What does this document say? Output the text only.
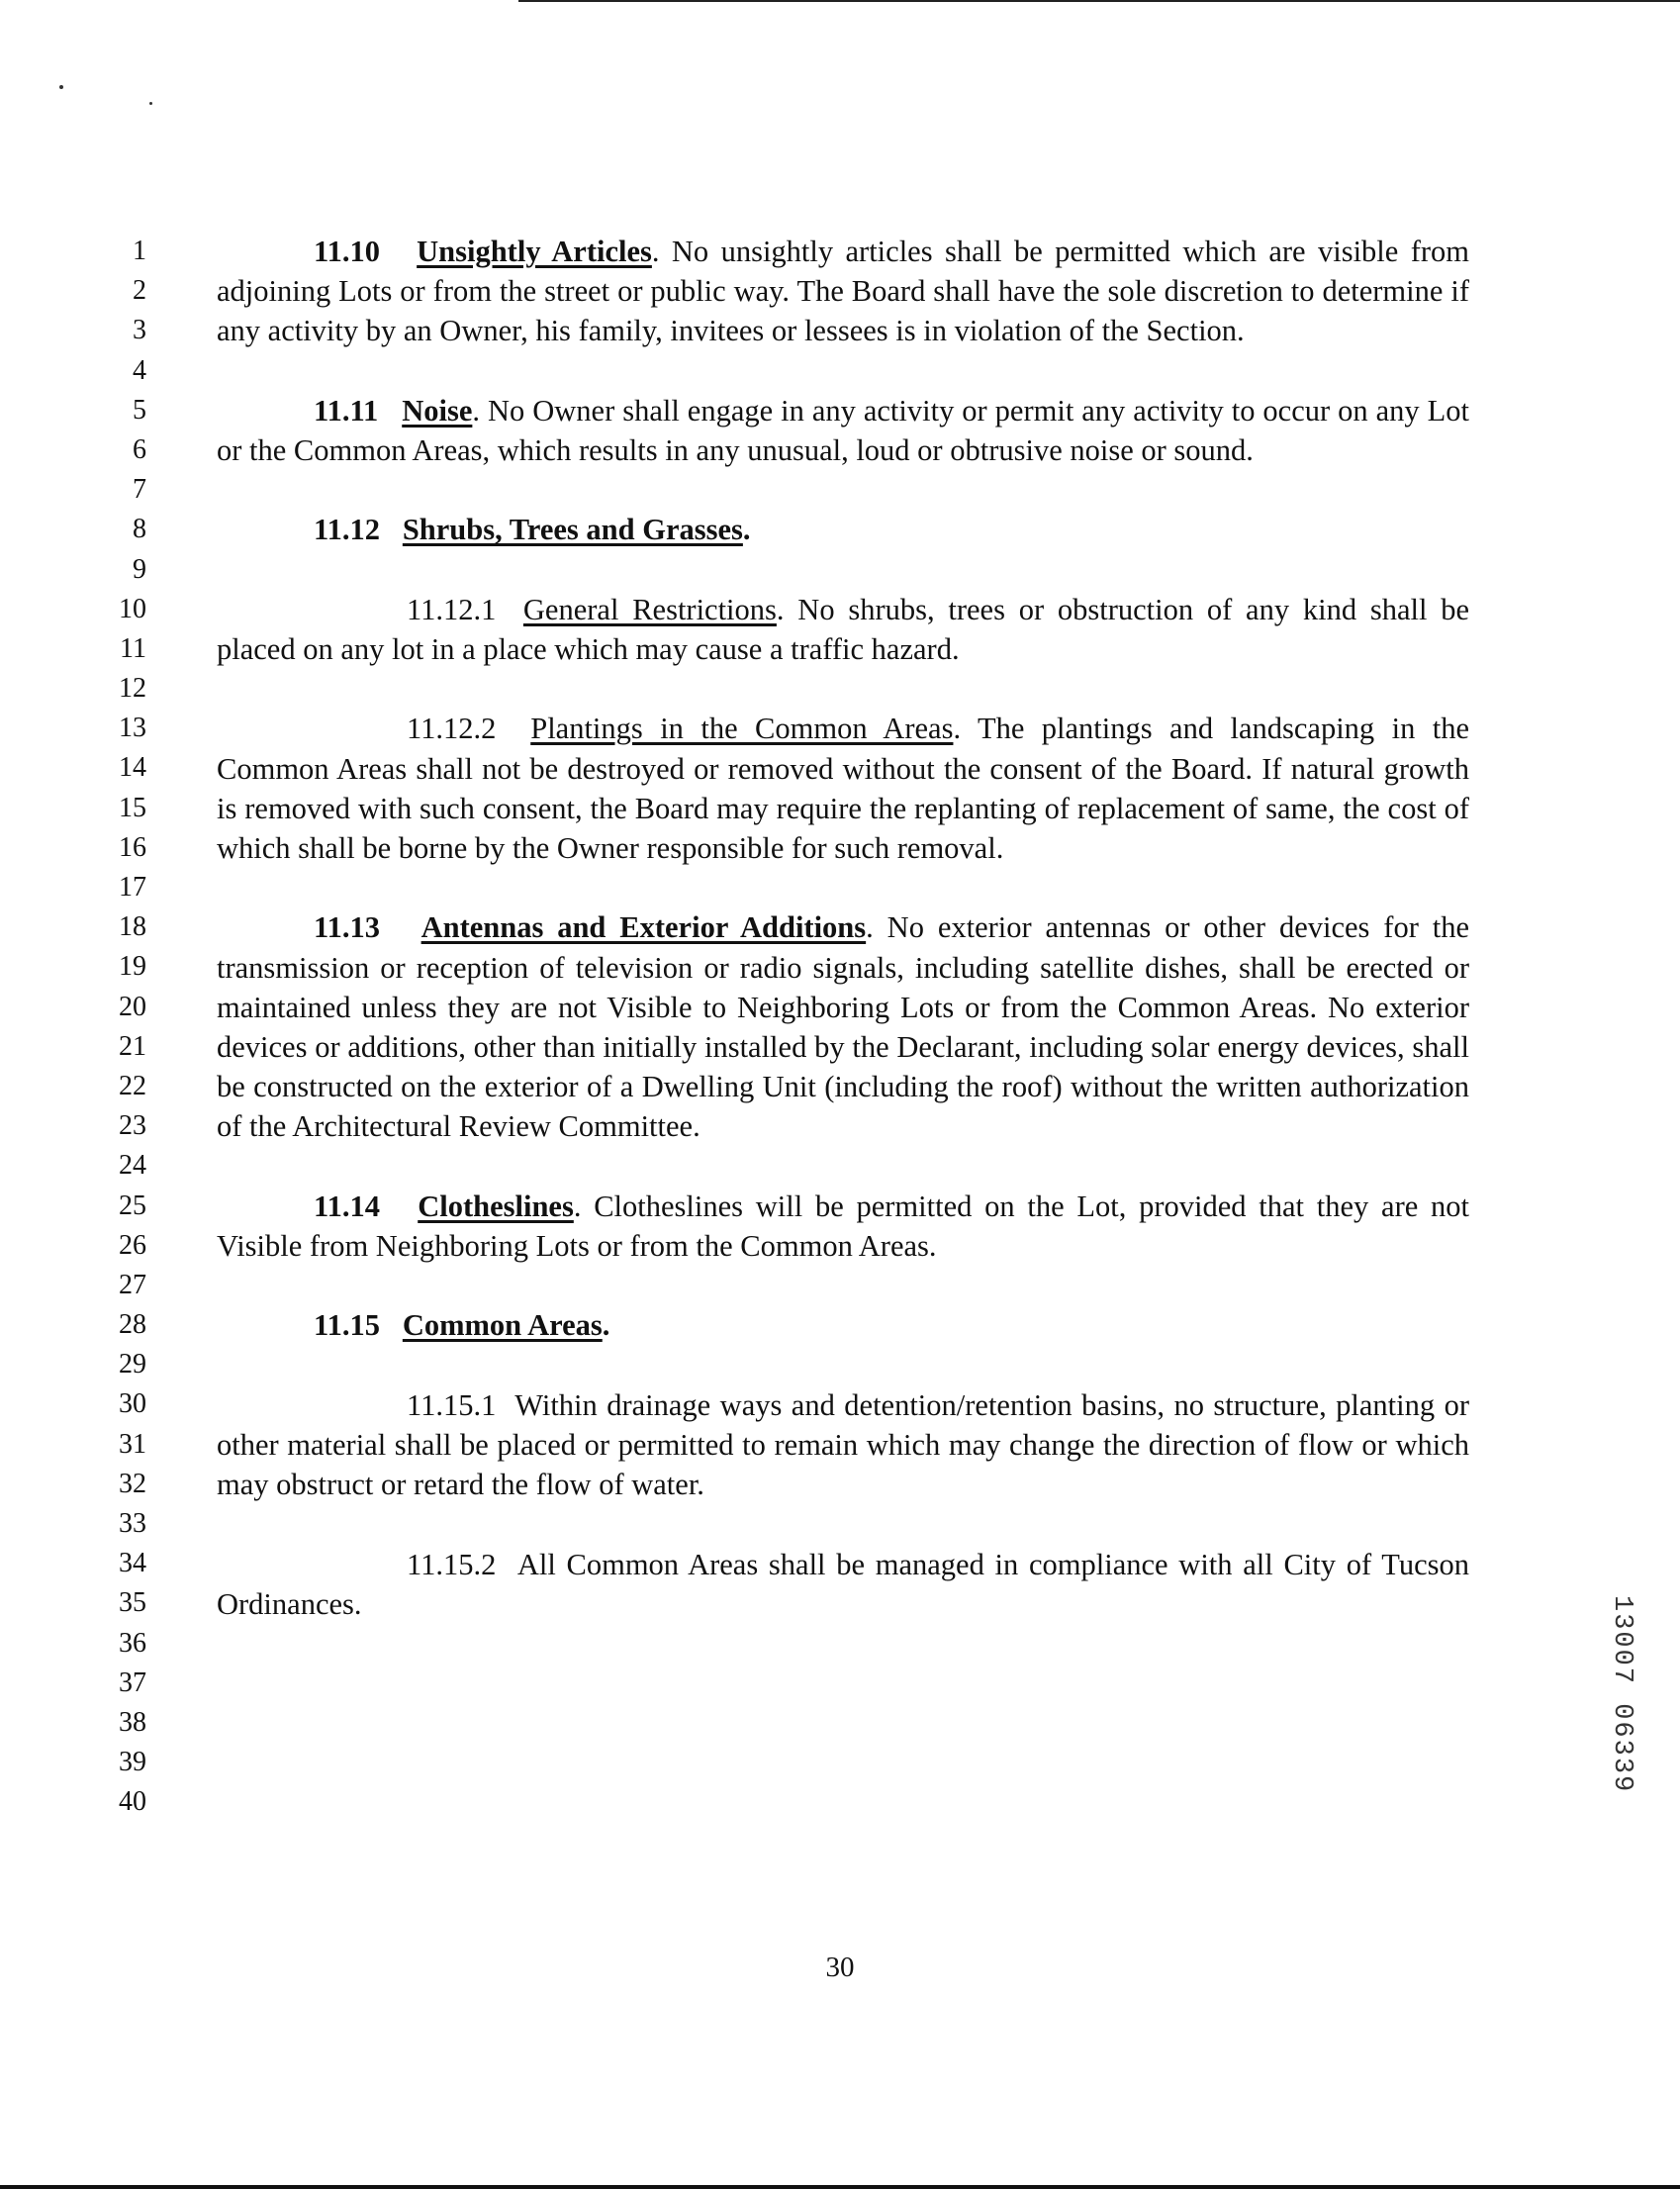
1
2
3
4
5
6
7
8
9
10
11
12
13
14
15
16
17
18
19
20
21
22
23
24
25
26
27
28
29
30
31
32
33
34
35
36
37
38
39
40

11.10 Unsightly Articles. No unsightly articles shall be permitted which are visible from adjoining Lots or from the street or public way. The Board shall have the sole discretion to determine if any activity by an Owner, his family, invitees or lessees is in violation of the Section.

11.11 Noise. No Owner shall engage in any activity or permit any activity to occur on any Lot or the Common Areas, which results in any unusual, loud or obtrusive noise or sound.

11.12 Shrubs, Trees and Grasses.

11.12.1 General Restrictions. No shrubs, trees or obstruction of any kind shall be placed on any lot in a place which may cause a traffic hazard.

11.12.2 Plantings in the Common Areas. The plantings and landscaping in the Common Areas shall not be destroyed or removed without the consent of the Board. If natural growth is removed with such consent, the Board may require the replanting of replacement of same, the cost of which shall be borne by the Owner responsible for such removal.

11.13 Antennas and Exterior Additions. No exterior antennas or other devices for the transmission or reception of television or radio signals, including satellite dishes, shall be erected or maintained unless they are not Visible to Neighboring Lots or from the Common Areas. No exterior devices or additions, other than initially installed by the Declarant, including solar energy devices, shall be constructed on the exterior of a Dwelling Unit (including the roof) without the written authorization of the Architectural Review Committee.

11.14 Clotheslines. Clotheslines will be permitted on the Lot, provided that they are not Visible from Neighboring Lots or from the Common Areas.

11.15 Common Areas.

11.15.1 Within drainage ways and detention/retention basins, no structure, planting or other material shall be placed or permitted to remain which may change the direction of flow or which may obstruct or retard the flow of water.

11.15.2 All Common Areas shall be managed in compliance with all City of Tucson Ordinances.

30
13007 06339
